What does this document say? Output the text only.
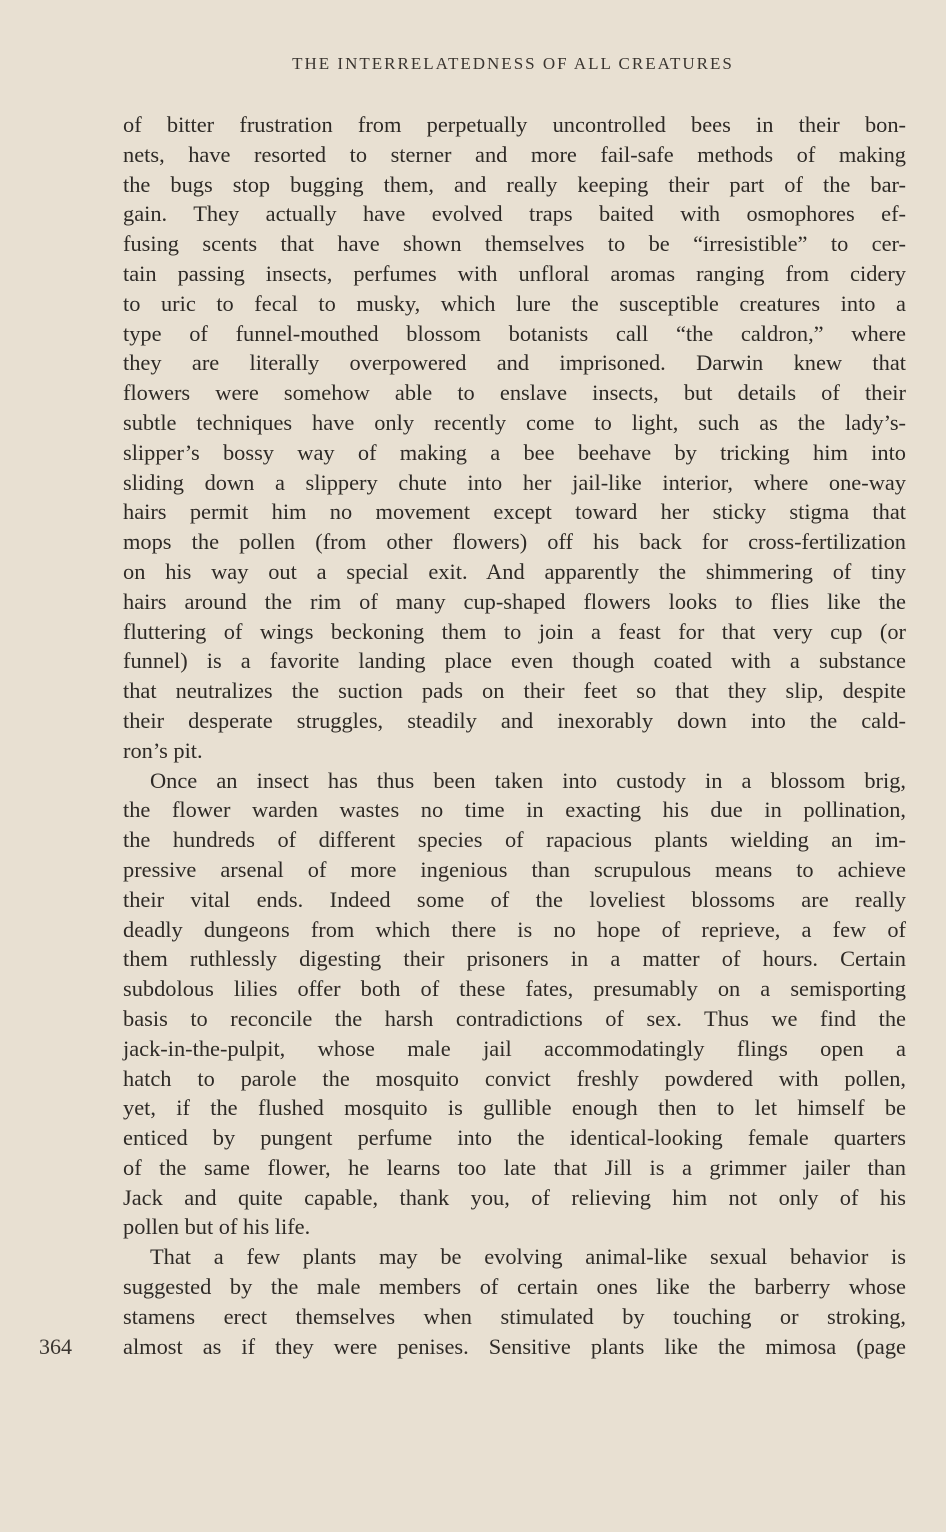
THE INTERRELATEDNESS OF ALL CREATURES

of bitter frustration from perpetually uncontrolled bees in their bon-
nets, have resorted to sterner and more fail-safe methods of making
the bugs stop bugging them, and really keeping their part of the bar-
gain. They actually have evolved traps baited with osmophores ef-
fusing scents that have shown themselves to be “irresistible” to cer-
tain passing insects, perfumes with unfloral aromas ranging from cidery
to uric to fecal to musky, which lure the susceptible creatures into a
type of funnel-mouthed blossom botanists call “the caldron,” where
they are literally overpowered and imprisoned. Darwin knew that
flowers were somehow able to enslave insects, but details of their
subtle techniques have only recently come to light, such as the lady’s-
slipper’s bossy way of making a bee beehave by tricking him into
sliding down a slippery chute into her jail-like interior, where one-way
hairs permit him no movement except toward her sticky stigma that
mops the pollen (from other flowers) off his back for cross-fertilization
on his way out a special exit. And apparently the shimmering of tiny
hairs around the rim of many cup-shaped flowers looks to flies like the
fluttering of wings beckoning them to join a feast for that very cup (or
funnel) is a favorite landing place even though coated with a substance
that neutralizes the suction pads on their feet so that they slip, despite
their desperate struggles, steadily and inexorably down into the cald-
ron’s pit.

Once an insect has thus been taken into custody in a blossom brig,
the flower warden wastes no time in exacting his due in pollination,
the hundreds of different species of rapacious plants wielding an im-
pressive arsenal of more ingenious than scrupulous means to achieve
their vital ends. Indeed some of the loveliest blossoms are really
deadly dungeons from which there is no hope of reprieve, a few of
them ruthlessly digesting their prisoners in a matter of hours. Certain
subdolous lilies offer both of these fates, presumably on a semisporting
basis to reconcile the harsh contradictions of sex. Thus we find the
jack-in-the-pulpit, whose male jail accommodatingly flings open a
hatch to parole the mosquito convict freshly powdered with pollen,
yet, if the flushed mosquito is gullible enough then to let himself be
enticed by pungent perfume into the identical-looking female quarters
of the same flower, he learns too late that Jill is a grimmer jailer than
Jack and quite capable, thank you, of relieving him not only of his
pollen but of his life.

That a few plants may be evolving animal-like sexual behavior is
suggested by the male members of certain ones like the barberry whose
stamens erect themselves when stimulated by touching or stroking,
almost as if they were penises. Sensitive plants like the mimosa (page

364
